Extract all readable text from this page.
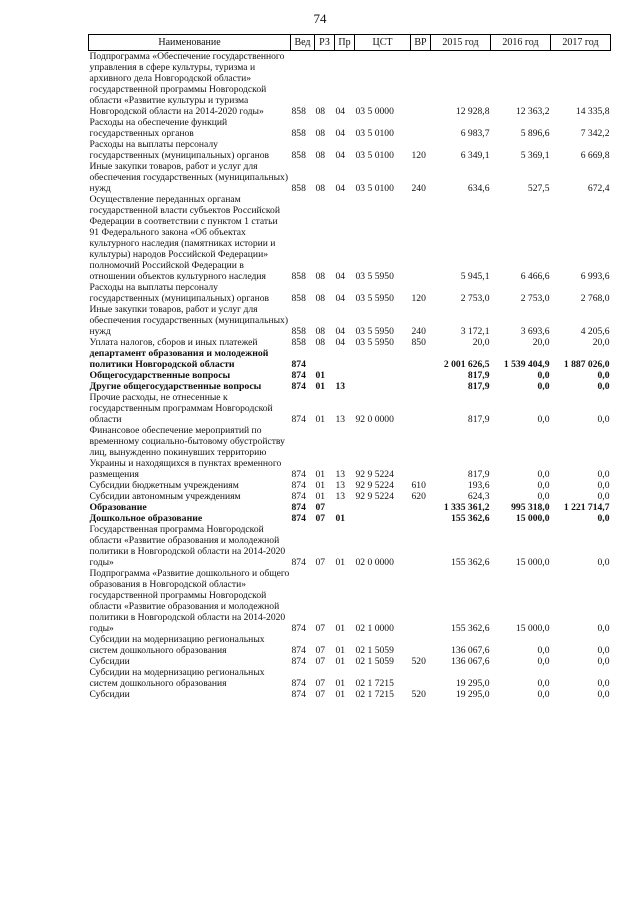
74
Наименование	Вед	РЗ	Пр	ЦСТ	ВР	2015 год	2016 год	2017 год
Подпрограмма «Обеспечение государственного управления в сфере культуры, туризма и архивного дела Новгородской области» государственной программы Новгородской области «Развитие культуры и туризма Новгородской области на 2014-2020 годы»	858	08	04	03 5 0000		12 928,8	12 363,2	14 335,8
Расходы на обеспечение функций государственных органов	858	08	04	03 5 0100		6 983,7	5 896,6	7 342,2
Расходы на выплаты персоналу государственных (муниципальных) органов	858	08	04	03 5 0100	120	6 349,1	5 369,1	6 669,8
Иные закупки товаров, работ и услуг для обеспечения государственных (муниципальных) нужд	858	08	04	03 5 0100	240	634,6	527,5	672,4
Осуществление переданных органам государственной власти субъектов Российской Федерации в соответствии с пунктом 1 статьи 91 Федерального закона «Об объектах культурного наследия (памятниках истории и культуры) народов Российской Федерации» полномочий Российской Федерации в отношении объектов культурного наследия	858	08	04	03 5 5950		5 945,1	6 466,6	6 993,6
Расходы на выплаты персоналу государственных (муниципальных) органов	858	08	04	03 5 5950	120	2 753,0	2 753,0	2 768,0
Иные закупки товаров, работ и услуг для обеспечения государственных (муниципальных) нужд	858	08	04	03 5 5950	240	3 172,1	3 693,6	4 205,6
Уплата налогов, сборов и иных платежей	858	08	04	03 5 5950	850	20,0	20,0	20,0
департамент образования и молодежной политики Новгородской области	874					2 001 626,5	1 539 404,9	1 887 026,0
Общегосударственные вопросы	874	01				817,9	0,0	0,0
Другие общегосударственные вопросы	874	01	13			817,9	0,0	0,0
Прочие расходы, не отнесенные к государственным программам Новгородской области	874	01	13	92 0 0000		817,9	0,0	0,0
Финансовое обеспечение мероприятий по временному социально-бытовому обустройству лиц, вынужденно покинувших территорию Украины и находящихся в пунктах временного размещения	874	01	13	92 9 5224		817,9	0,0	0,0
Субсидии бюджетным учреждениям	874	01	13	92 9 5224	610	193,6	0,0	0,0
Субсидии автономным учреждениям	874	01	13	92 9 5224	620	624,3	0,0	0,0
Образование	874	07				1 335 361,2	995 318,0	1 221 714,7
Дошкольное образование	874	07	01			155 362,6	15 000,0	0,0
Государственная программа Новгородской области «Развитие образования и молодежной политики в Новгородской области на 2014-2020 годы»	874	07	01	02 0 0000		155 362,6	15 000,0	0,0
Подпрограмма «Развитие дошкольного и общего образования в Новгородской области» государственной программы Новгородской области «Развитие образования и молодежной политики в Новгородской области на 2014-2020 годы»	874	07	01	02 1 0000		155 362,6	15 000,0	0,0
Субсидии на модернизацию региональных систем дошкольного образования	874	07	01	02 1 5059		136 067,6	0,0	0,0
Субсидии	874	07	01	02 1 5059	520	136 067,6	0,0	0,0
Субсидии на модернизацию региональных систем дошкольного образования	874	07	01	02 1 7215		19 295,0	0,0	0,0
Субсидии	874	07	01	02 1 7215	520	19 295,0	0,0	0,0
